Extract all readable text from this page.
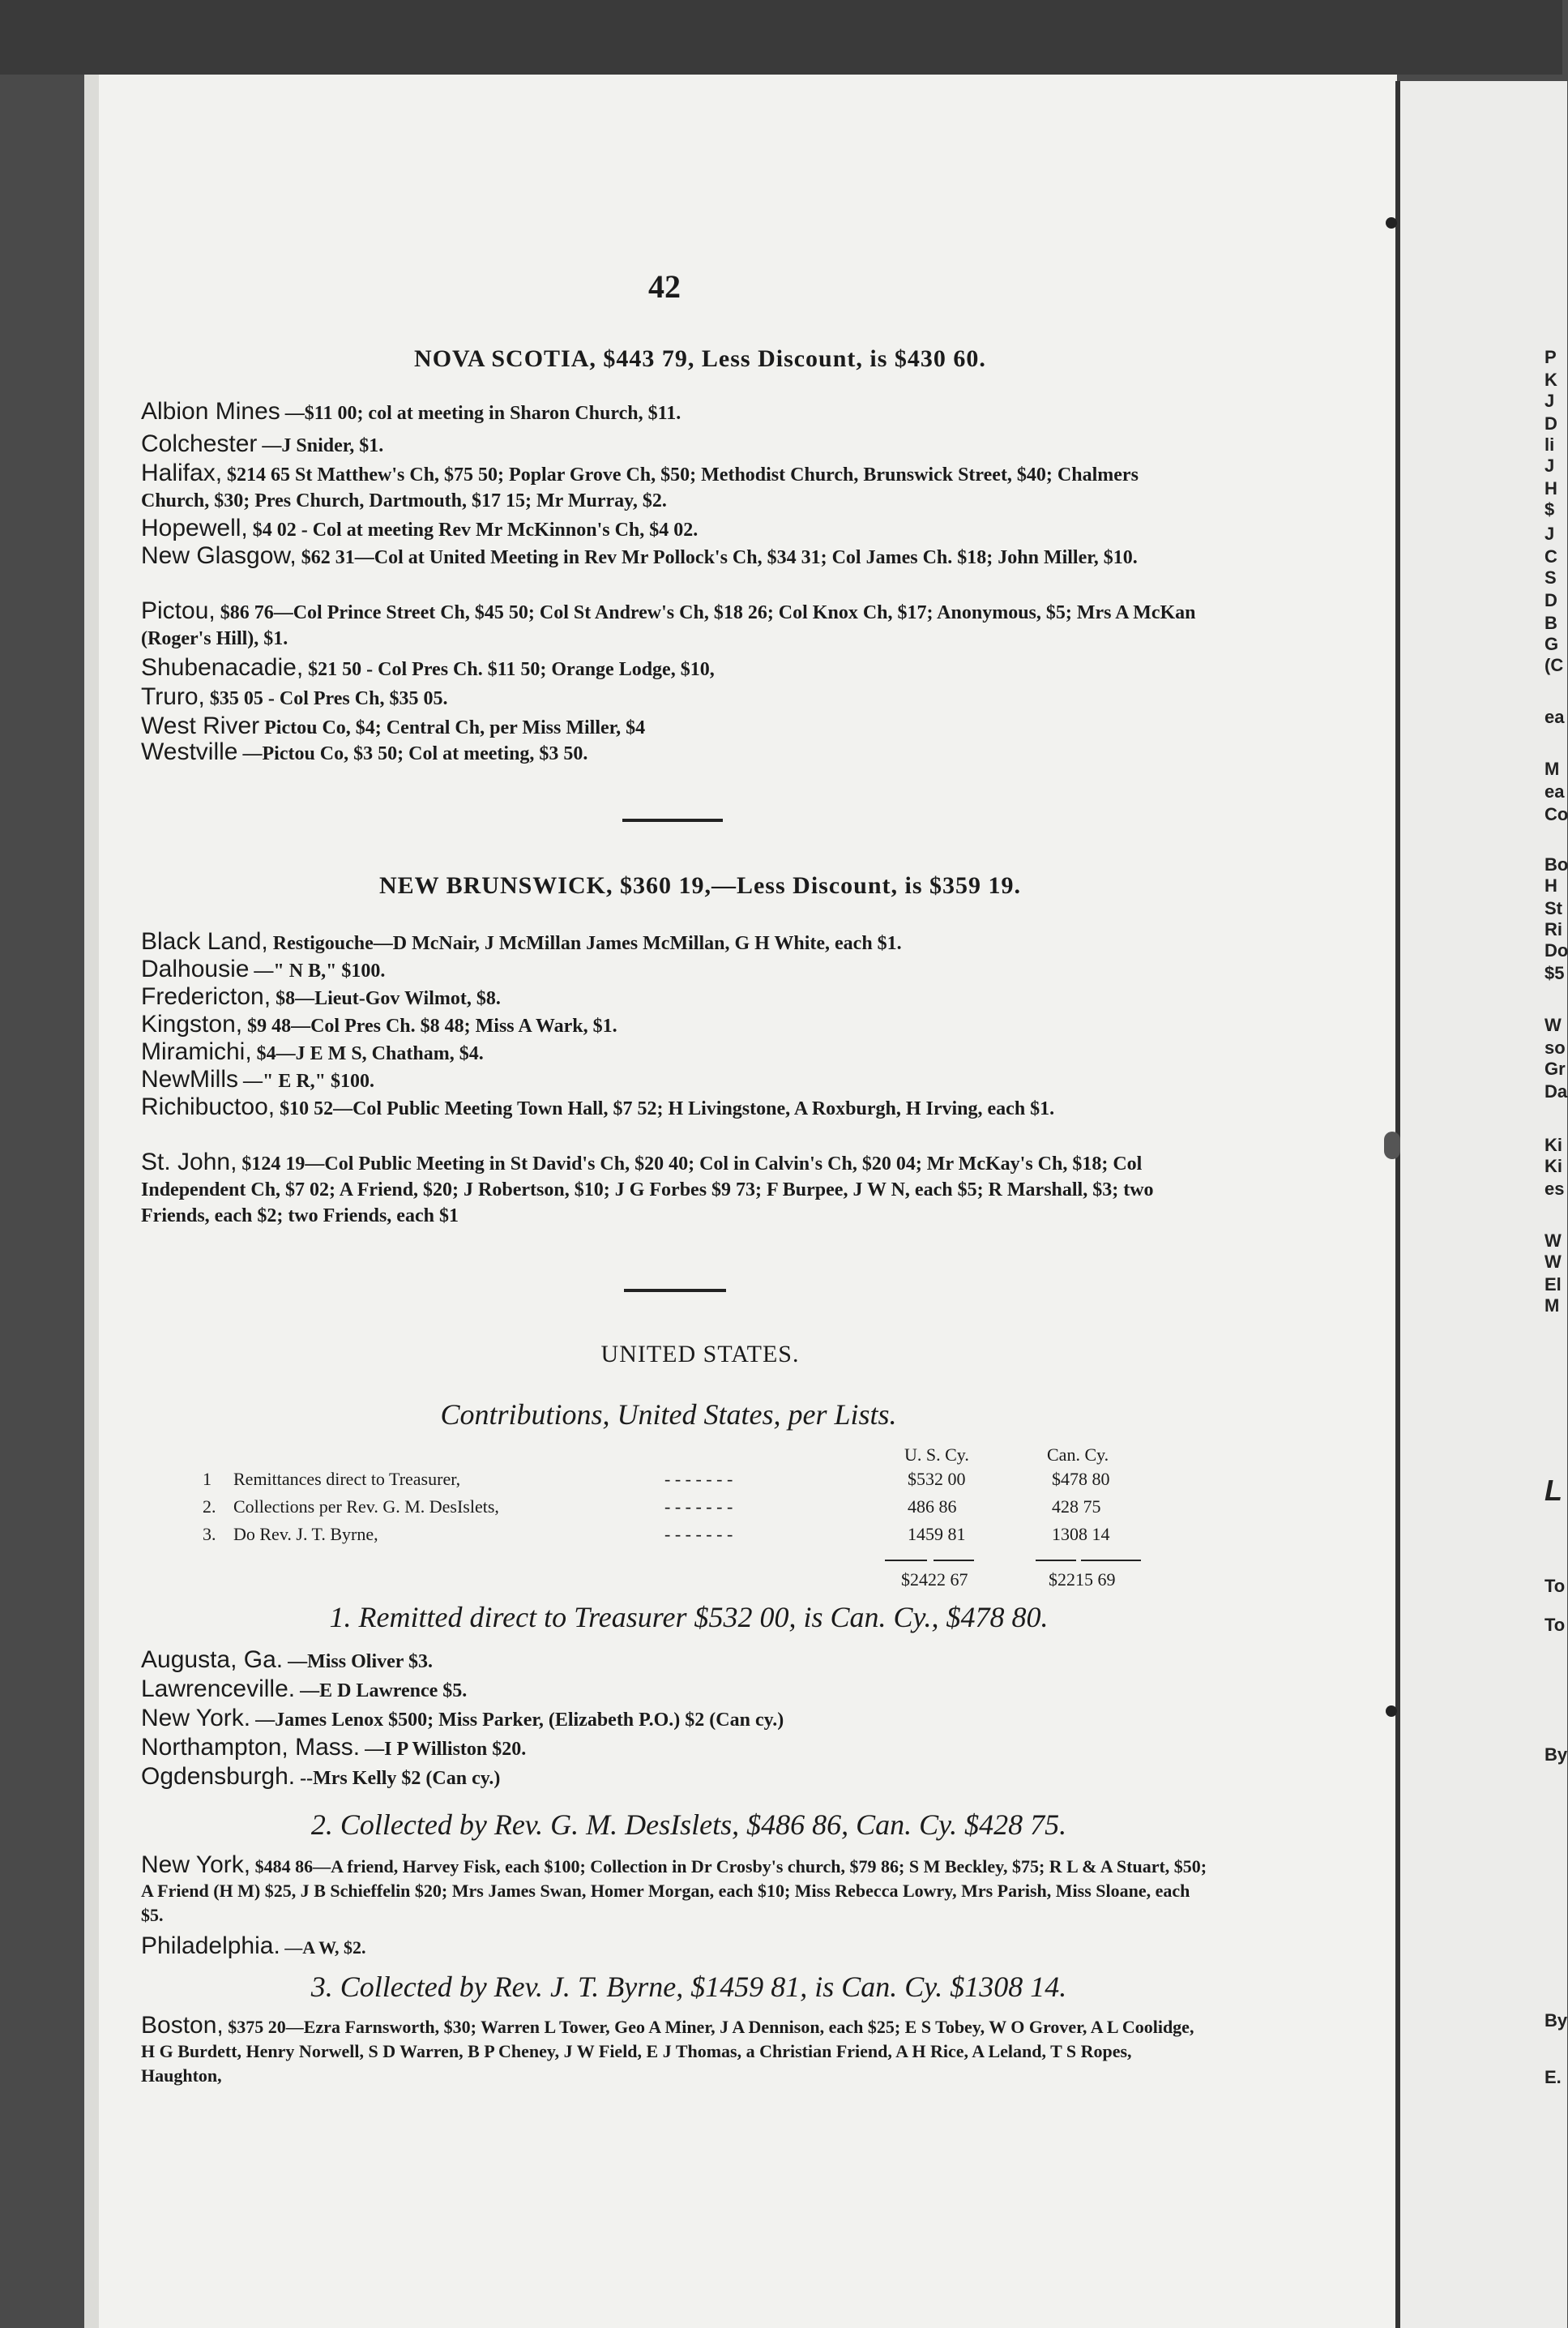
42
NOVA SCOTIA, $443 79, Less Discount, is $430 60.
Albion Mines —$11 00; col at meeting in Sharon Church, $11.
Colchester —J Snider, $1.
Halifax, $214 65 St Matthew's Ch, $75 50; Poplar Grove Ch, $50; Methodist Church, Brunswick Street, $40; Chalmers Church, $30; Pres Church, Dartmouth, $17 15; Mr Murray, $2.
Hopewell, $4 02 - Col at meeting Rev Mr McKinnon's Ch, $4 02.
New Glasgow, $62 31—Col at United Meeting in Rev Mr Pollock's Ch, $34 31; Col James Ch. $18; John Miller, $10.
Pictou, $86 76—Col Prince Street Ch, $45 50; Col St Andrew's Ch, $18 26; Col Knox Ch, $17; Anonymous, $5; Mrs A McKan (Roger's Hill), $1.
Shubenacadie, $21 50 - Col Pres Ch. $11 50; Orange Lodge, $10,
Truro, $35 05 - Col Pres Ch, $35 05.
West River Pictou Co, $4; Central Ch, per Miss Miller, $4
Westville —Pictou Co, $3 50; Col at meeting, $3 50.
NEW BRUNSWICK, $360 19,—Less Discount, is $359 19.
Black Land, Restigouche—D McNair, J McMillan James McMillan, G H White, each $1.
Dalhousie —" N B," $100.
Fredericton, $8—Lieut-Gov Wilmot, $8.
Kingston, $9 48—Col Pres Ch. $8 48; Miss A Wark, $1.
Miramichi, $4—J E M S, Chatham, $4.
NewMills —" E R," $100.
Richibuctoo, $10 52—Col Public Meeting Town Hall, $7 52; H Livingstone, A Roxburgh, H Irving, each $1.
St. John, $124 19—Col Public Meeting in St David's Ch, $20 40; Col in Calvin's Ch, $20 04; Mr McKay's Ch, $18; Col Independent Ch, $7 02; A Friend, $20; J Robertson, $10; J G Forbes $9 73; F Burpee, J W N, each $5; R Marshall, $3; two Friends, each $2; two Friends, each $1
UNITED STATES.
Contributions, United States, per Lists.
U. S. Cy.	Can. Cy.
1 Remittances direct to Treasurer,	- - - - - - -	$532 00	$478 80
2. Collections per Rev. G. M. DesIslets,	- - - - - - -	486 86	428 75
3. Do Rev. J. T. Byrne,	- - - - - - -	1459 81	1308 14
$2422 67	$2215 69
1. Remitted direct to Treasurer $532 00, is Can. Cy., $478 80.
Augusta, Ga. —Miss Oliver $3.
Lawrenceville. —E D Lawrence $5.
New York. —James Lenox $500; Miss Parker, (Elizabeth P.O.) $2 (Can cy.)
Northampton, Mass. —I P Williston $20.
Ogdensburgh. --Mrs Kelly $2 (Can cy.)
2. Collected by Rev. G. M. DesIslets, $486 86, Can. Cy. $428 75.
New York, $484 86—A friend, Harvey Fisk, each $100; Collection in Dr Crosby's church, $79 86; S M Beckley, $75; R L & A Stuart, $50; A Friend (H M) $25, J B Schieffelin $20; Mrs James Swan, Homer Morgan, each $10; Miss Rebecca Lowry, Mrs Parish, Miss Sloane, each $5.
Philadelphia. —A W, $2.
3. Collected by Rev. J. T. Byrne, $1459 81, is Can. Cy. $1308 14.
Boston, $375 20—Ezra Farnsworth, $30; Warren L Tower, Geo A Miner, J A Dennison, each $25; E S Tobey, W O Grover, A L Coolidge, H G Burdett, Henry Norwell, S D Warren, B P Cheney, J W Field, E J Thomas, a Christian Friend, A H Rice, A Leland, T S Ropes, Haughton,
P
K
J
D
li
J
H
$
J
C
S
D
B
G
(C
ea
M
ea
Co
Bo
H
St
Ri
Do
$5
W
so
Gr
Da
Ki
Ki
es
W
W
El
M
L
To
To
By
By
E.
